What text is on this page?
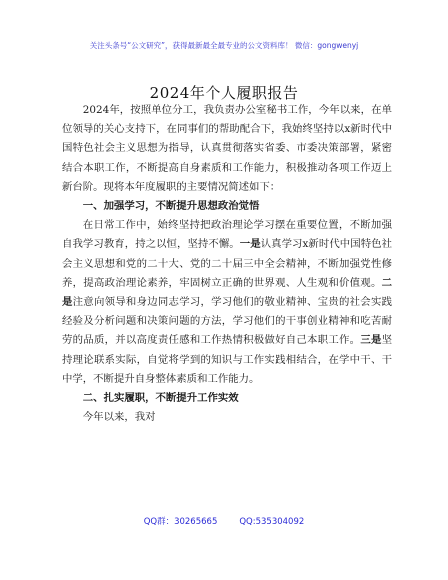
关注头条号“公文研究”，获得最新最全最专业的公文资料库！ 微信：gongwenyj
2024年个人履职报告

2024年，按照单位分工，我负责办公室秘书工作，今年以来，在单位领导的关心支持下，在同事们的帮助配合下，我始终坚持以x新时代中国特色社会主义思想为指导，认真贯彻落实省委、市委决策部署，紧密结合本职工作，不断提高自身素质和工作能力，积极推动各项工作迈上新台阶。现将本年度履职的主要情况简述如下：

一、加强学习，不断提升思想政治觉悟

在日常工作中，始终坚持把政治理论学习摆在重要位置，不断加强自我学习教育，持之以恒，坚持不懈。一是认真学习x新时代中国特色社会主义思想和党的二十大、党的二十届三中全会精神，不断加强党性修养，提高政治理论素养，牢固树立正确的世界观、人生观和价值观。二是注意向领导和身边同志学习，学习他们的敬业精神、宝贵的社会实践经验及分析问题和决策问题的方法，学习他们的干事创业精神和吃苦耐劳的品质，并以高度责任感和工作热情积极做好自己本职工作。三是坚持理论联系实际，自觉将学到的知识与工作实践相结合，在学中干、干中学，不断提升自身整体素质和工作能力。

二、扎实履职，不断提升工作实效

今年以来，我对

QQ群：30265665	QQ:535304092
